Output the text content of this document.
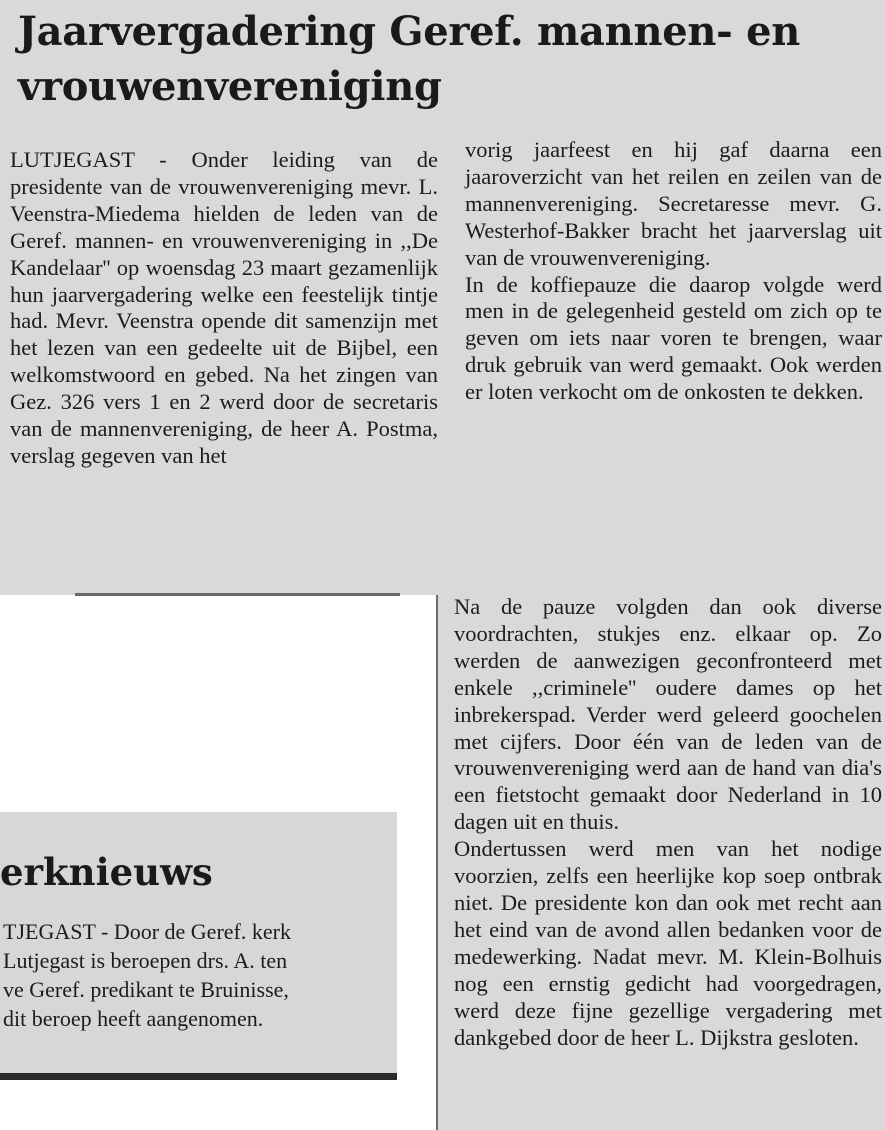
Jaarvergadering Geref. mannen- en vrouwenvereniging

LUTJEGAST - Onder leiding van de presidente van de vrouwenvereniging mevr. L. Veenstra-Miedema hielden de leden van de Geref. mannen- en vrouwenvereniging in ,,De Kandelaar'' op woensdag 23 maart gezamenlijk hun jaarvergadering welke een feestelijk tintje had. Mevr. Veenstra opende dit samenzijn met het lezen van een gedeelte uit de Bijbel, een welkomstwoord en gebed. Na het zingen van Gez. 326 vers 1 en 2 werd door de secretaris van de mannenvereniging, de heer A. Postma, verslag gegeven van het

vorig jaarfeest en hij gaf daarna een jaaroverzicht van het reilen en zeilen van de mannenvereniging. Secretaresse mevr. G. Westerhof-Bakker bracht het jaarverslag uit van de vrouwenvereniging.

In de koffiepauze die daarop volgde werd men in de gelegenheid gesteld om zich op te geven om iets naar voren te brengen, waar druk gebruik van werd gemaakt. Ook werden er loten verkocht om de onkosten te dekken.

Na de pauze volgden dan ook diverse voordrachten, stukjes enz. elkaar op. Zo werden de aanwezigen geconfronteerd met enkele ,,criminele'' oudere dames op het inbrekerspad. Verder werd geleerd goochelen met cijfers. Door één van de leden van de vrouwenvereniging werd aan de hand van dia's een fietstocht gemaakt door Nederland in 10 dagen uit en thuis.

Ondertussen werd men van het nodige voorzien, zelfs een heerlijke kop soep ontbrak niet. De presidente kon dan ook met recht aan het eind van de avond allen bedanken voor de medewerking. Nadat mevr. M. Klein-Bolhuis nog een ernstig gedicht had voorgedragen, werd deze fijne gezellige vergadering met dankgebed door de heer L. Dijkstra gesloten.

erknieuws
TJEGAST - Door de Geref. kerk
Lutjegast is beroepen drs. A. ten
ve Geref. predikant te Bruinisse,
dit beroep heeft aangenomen.
